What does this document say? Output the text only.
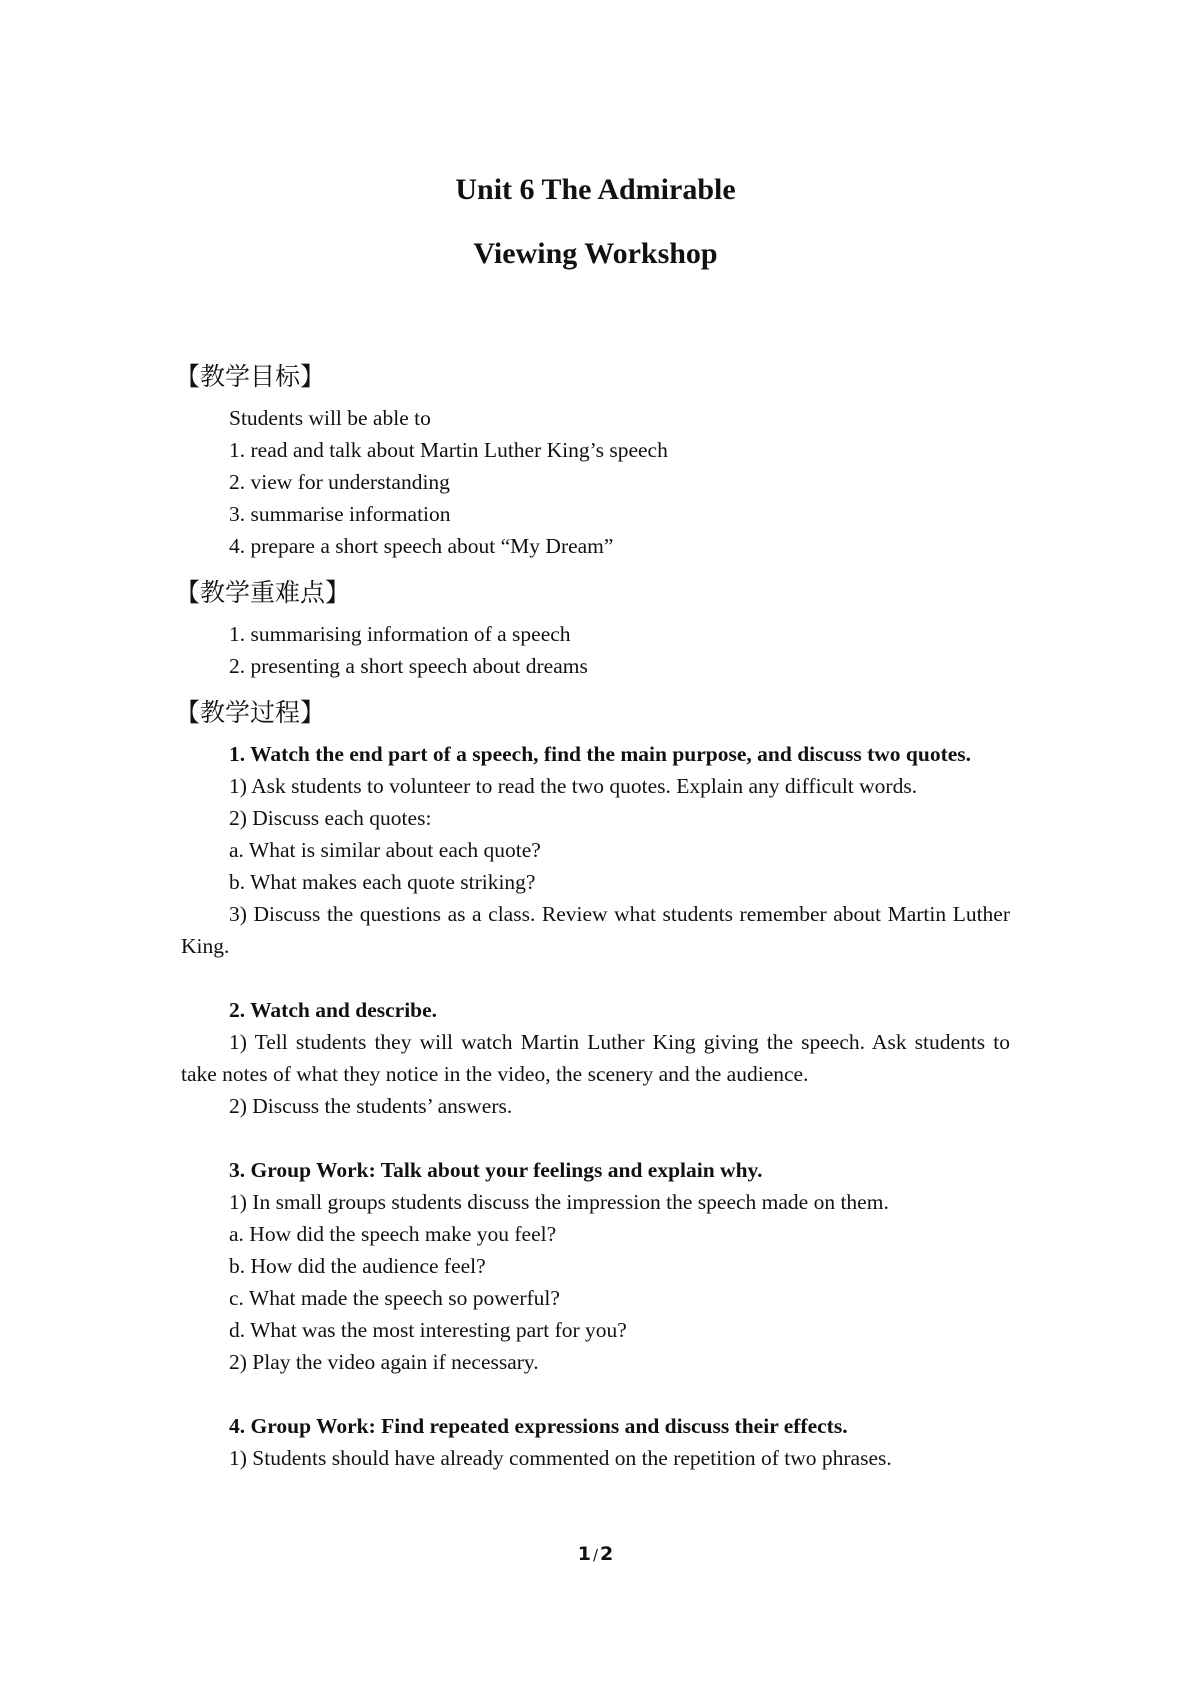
Unit 6 The Admirable
Viewing Workshop
【教学目标】

Students will be able to

1. read and talk about Martin Luther King’s speech

2. view for understanding

3. summarise information

4. prepare a short speech about “My Dream”

【教学重难点】

1. summarising information of a speech

2. presenting a short speech about dreams

【教学过程】

1. Watch the end part of a speech, find the main purpose, and discuss two quotes.

1) Ask students to volunteer to read the two quotes. Explain any difficult words.

2) Discuss each quotes:

a. What is similar about each quote?

b. What makes each quote striking?

3) Discuss the questions as a class. Review what students remember about Martin Luther King.

2. Watch and describe.

1) Tell students they will watch Martin Luther King giving the speech. Ask students to take notes of what they notice in the video, the scenery and the audience.

2) Discuss the students’ answers.

3. Group Work: Talk about your feelings and explain why.

1) In small groups students discuss the impression the speech made on them.

a. How did the speech make you feel?

b. How did the audience feel?

c. What made the speech so powerful?

d. What was the most interesting part for you?

2) Play the video again if necessary.

4. Group Work: Find repeated expressions and discuss their effects.

1) Students should have already commented on the repetition of two phrases.

1 / 2
